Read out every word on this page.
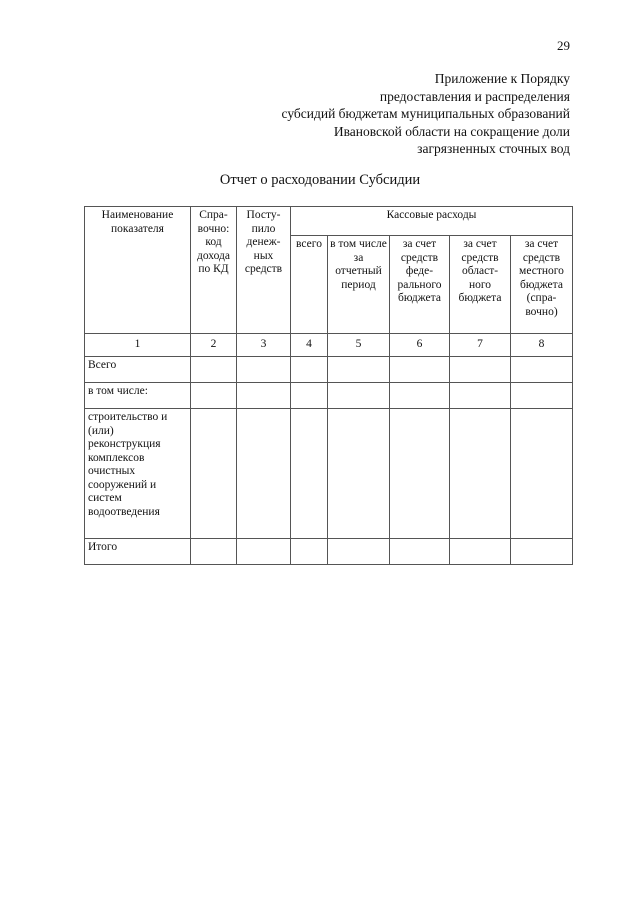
29
Приложение к Порядку
предоставления и распределения
субсидий бюджетам муниципальных образований
Ивановской области на сокращение доли
загрязненных сточных вод
Отчет о расходовании Субсидии
Наименование показателя	Спра-вочно: код дохода по КД	Посту-пило денеж-ных средств	Кассовые расходы				
			всего	в том числе за отчетный период	за счет средств феде-рального бюджета	за счет средств област-ного бюджета	за счет средств местного бюджета (спра-вочно)
1	2	3	4	5	6	7	8
Всего							
в том числе:							
строительство и (или) реконструкция комплексов очистных сооружений и систем водоотведения							
Итого							
